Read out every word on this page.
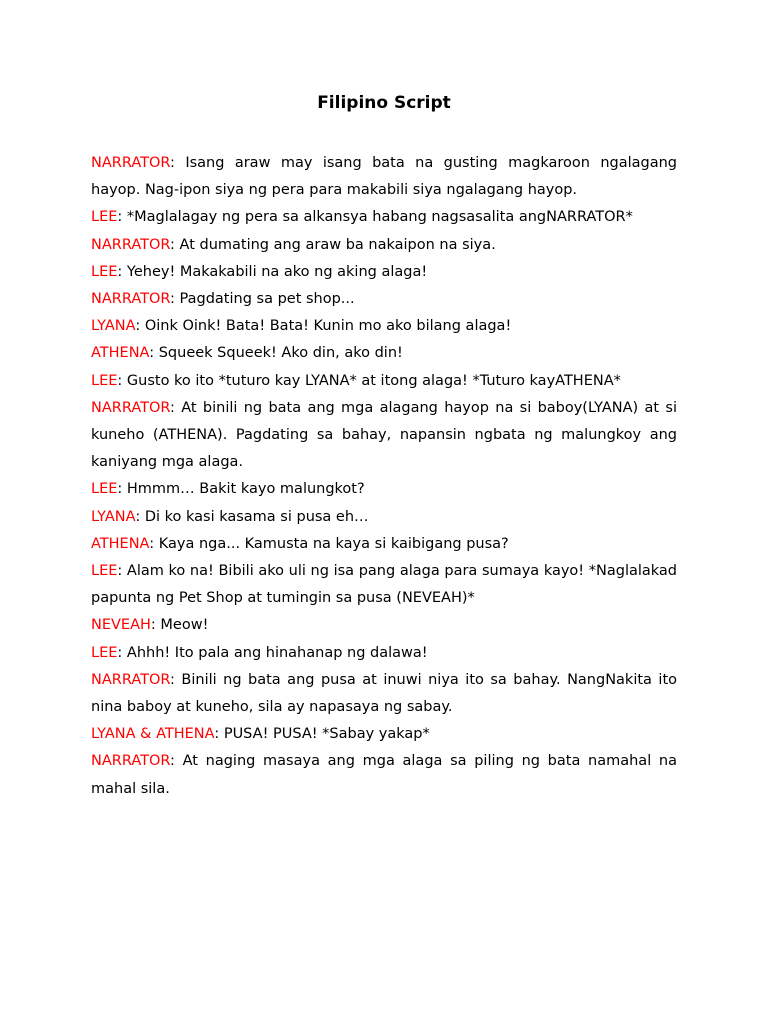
Filipino Script

NARRATOR: Isang araw may isang bata na gusting magkaroon ngalagang hayop. Nag-ipon siya ng pera para makabili siya ngalagang hayop.

LEE: *Maglalagay ng pera sa alkansya habang nagsasalita angNARRATOR*

NARRATOR: At dumating ang araw ba nakaipon na siya.

LEE: Yehey! Makakabili na ako ng aking alaga!

NARRATOR: Pagdating sa pet shop...

LYANA: Oink Oink! Bata! Bata! Kunin mo ako bilang alaga!

ATHENA: Squeek Squeek! Ako din, ako din!

LEE: Gusto ko ito *tuturo kay LYANA* at itong alaga! *Tuturo kayATHENA*

NARRATOR: At binili ng bata ang mga alagang hayop na si baboy(LYANA) at si kuneho (ATHENA). Pagdating sa bahay, napansin ngbata ng malungkoy ang kaniyang mga alaga.

LEE: Hmmm… Bakit kayo malungkot?

LYANA: Di ko kasi kasama si pusa eh…

ATHENA: Kaya nga... Kamusta na kaya si kaibigang pusa?

LEE: Alam ko na! Bibili ako uli ng isa pang alaga para sumaya kayo! *Naglalakad papunta ng Pet Shop at tumingin sa pusa (NEVEAH)*

NEVEAH: Meow!

LEE: Ahhh! Ito pala ang hinahanap ng dalawa!

NARRATOR: Binili ng bata ang pusa at inuwi niya ito sa bahay. NangNakita ito nina baboy at kuneho, sila ay napasaya ng sabay.

LYANA & ATHENA: PUSA! PUSA! *Sabay yakap*

NARRATOR: At naging masaya ang mga alaga sa piling ng bata namahal na mahal sila.
